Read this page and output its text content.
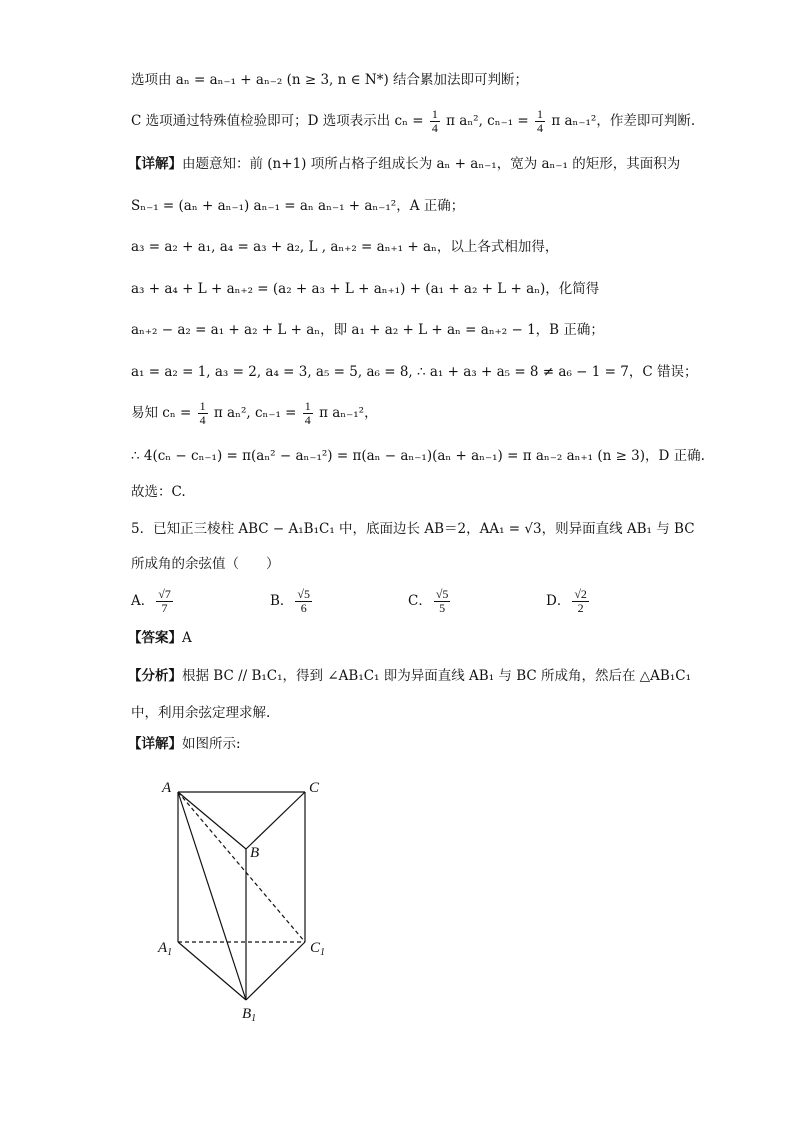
选项由 aₙ = aₙ₋₁ + aₙ₋₂ (n ≥ 3, n ∈ N*) 结合累加法即可判断；
C 选项通过特殊值检验即可；D 选项表示出 $c_n = \frac{1}{4}$ π aₙ², $c_{n-1} = \frac{1}{4}$ π aₙ₋₁²，作差即可判断.
【详解】由题意知：前 (n+1) 项所占格子组成长为 aₙ + aₙ₋₁，宽为 aₙ₋₁ 的矩形，其面积为
Sₙ₋₁ = (aₙ + aₙ₋₁) aₙ₋₁ = aₙ aₙ₋₁ + aₙ₋₁²，A 正确；
a₃ = a₂ + a₁, a₄ = a₃ + a₂, L , aₙ₊₂ = aₙ₊₁ + aₙ，以上各式相加得，
a₃ + a₄ + L + aₙ₊₂ = (a₂ + a₃ + L + aₙ₊₁) + (a₁ + a₂ + L + aₙ)，化简得
aₙ₊₂ − a₂ = a₁ + a₂ + L + aₙ，即 a₁ + a₂ + L + aₙ = aₙ₊₂ − 1，B 正确；
a₁ = a₂ = 1, a₃ = 2, a₄ = 3, a₅ = 5, a₆ = 8, ∴ a₁ + a₃ + a₅ = 8 ≠ a₆ − 1 = 7，C 错误；
易知 $c_n = \frac{1}{4}$ π aₙ², $c_{n-1} = \frac{1}{4}$ π aₙ₋₁²，
∴ 4(cₙ − cₙ₋₁) = π(aₙ² − aₙ₋₁²) = π(aₙ − aₙ₋₁)(aₙ + aₙ₋₁) = π aₙ₋₂ aₙ₊₁ (n ≥ 3)，D 正确.
故选：C.
5．已知正三棱柱 ABC − A₁B₁C₁ 中，底面边长 AB＝2，AA₁ = √3，则异面直线 AB₁ 与 BC
所成角的余弦值（　　）
A． $\frac{√7}{7}$	B． $\frac{√5}{6}$	C． $\frac{√5}{5}$	D． $\frac{√2}{2}$
【答案】A
【分析】根据 BC // B₁C₁，得到 ∠AB₁C₁ 即为异面直线 AB₁ 与 BC 所成角，然后在 △AB₁C₁
中，利用余弦定理求解.
【详解】如图所示:
A	C
B
$A_1$	$C_1$
$B_1$
